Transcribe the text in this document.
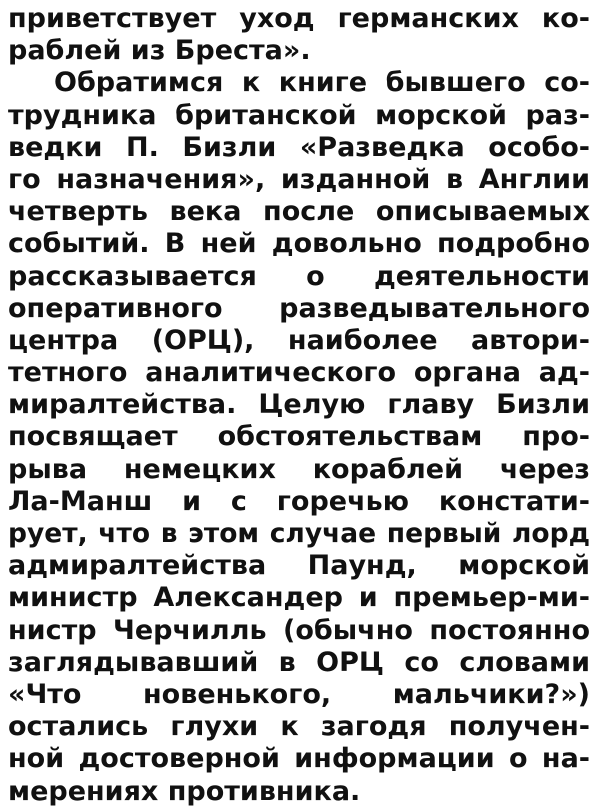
приветствует уход германских ко-
раблей из Бреста».
Обратимся к книге бывшего со-
трудника британской морской раз-
ведки П. Бизли «Разведка особо-
го назначения», изданной в Англии
четверть века после описываемых
событий. В ней довольно подробно
рассказывается о деятельности
оперативного разведывательного
центра (ОРЦ), наиболее автори-
тетного аналитического органа ад-
миралтейства. Целую главу Бизли
посвящает обстоятельствам про-
рыва немецких кораблей через
Ла-Манш и с горечью констати-
рует, что в этом случае первый лорд
адмиралтейства Паунд, морской
министр Александер и премьер-ми-
нистр Черчилль (обычно постоянно
заглядывавший в ОРЦ со словами
«Что новенького, мальчики?»)
остались глухи к загодя получен-
ной достоверной информации о на-
мерениях противника.
